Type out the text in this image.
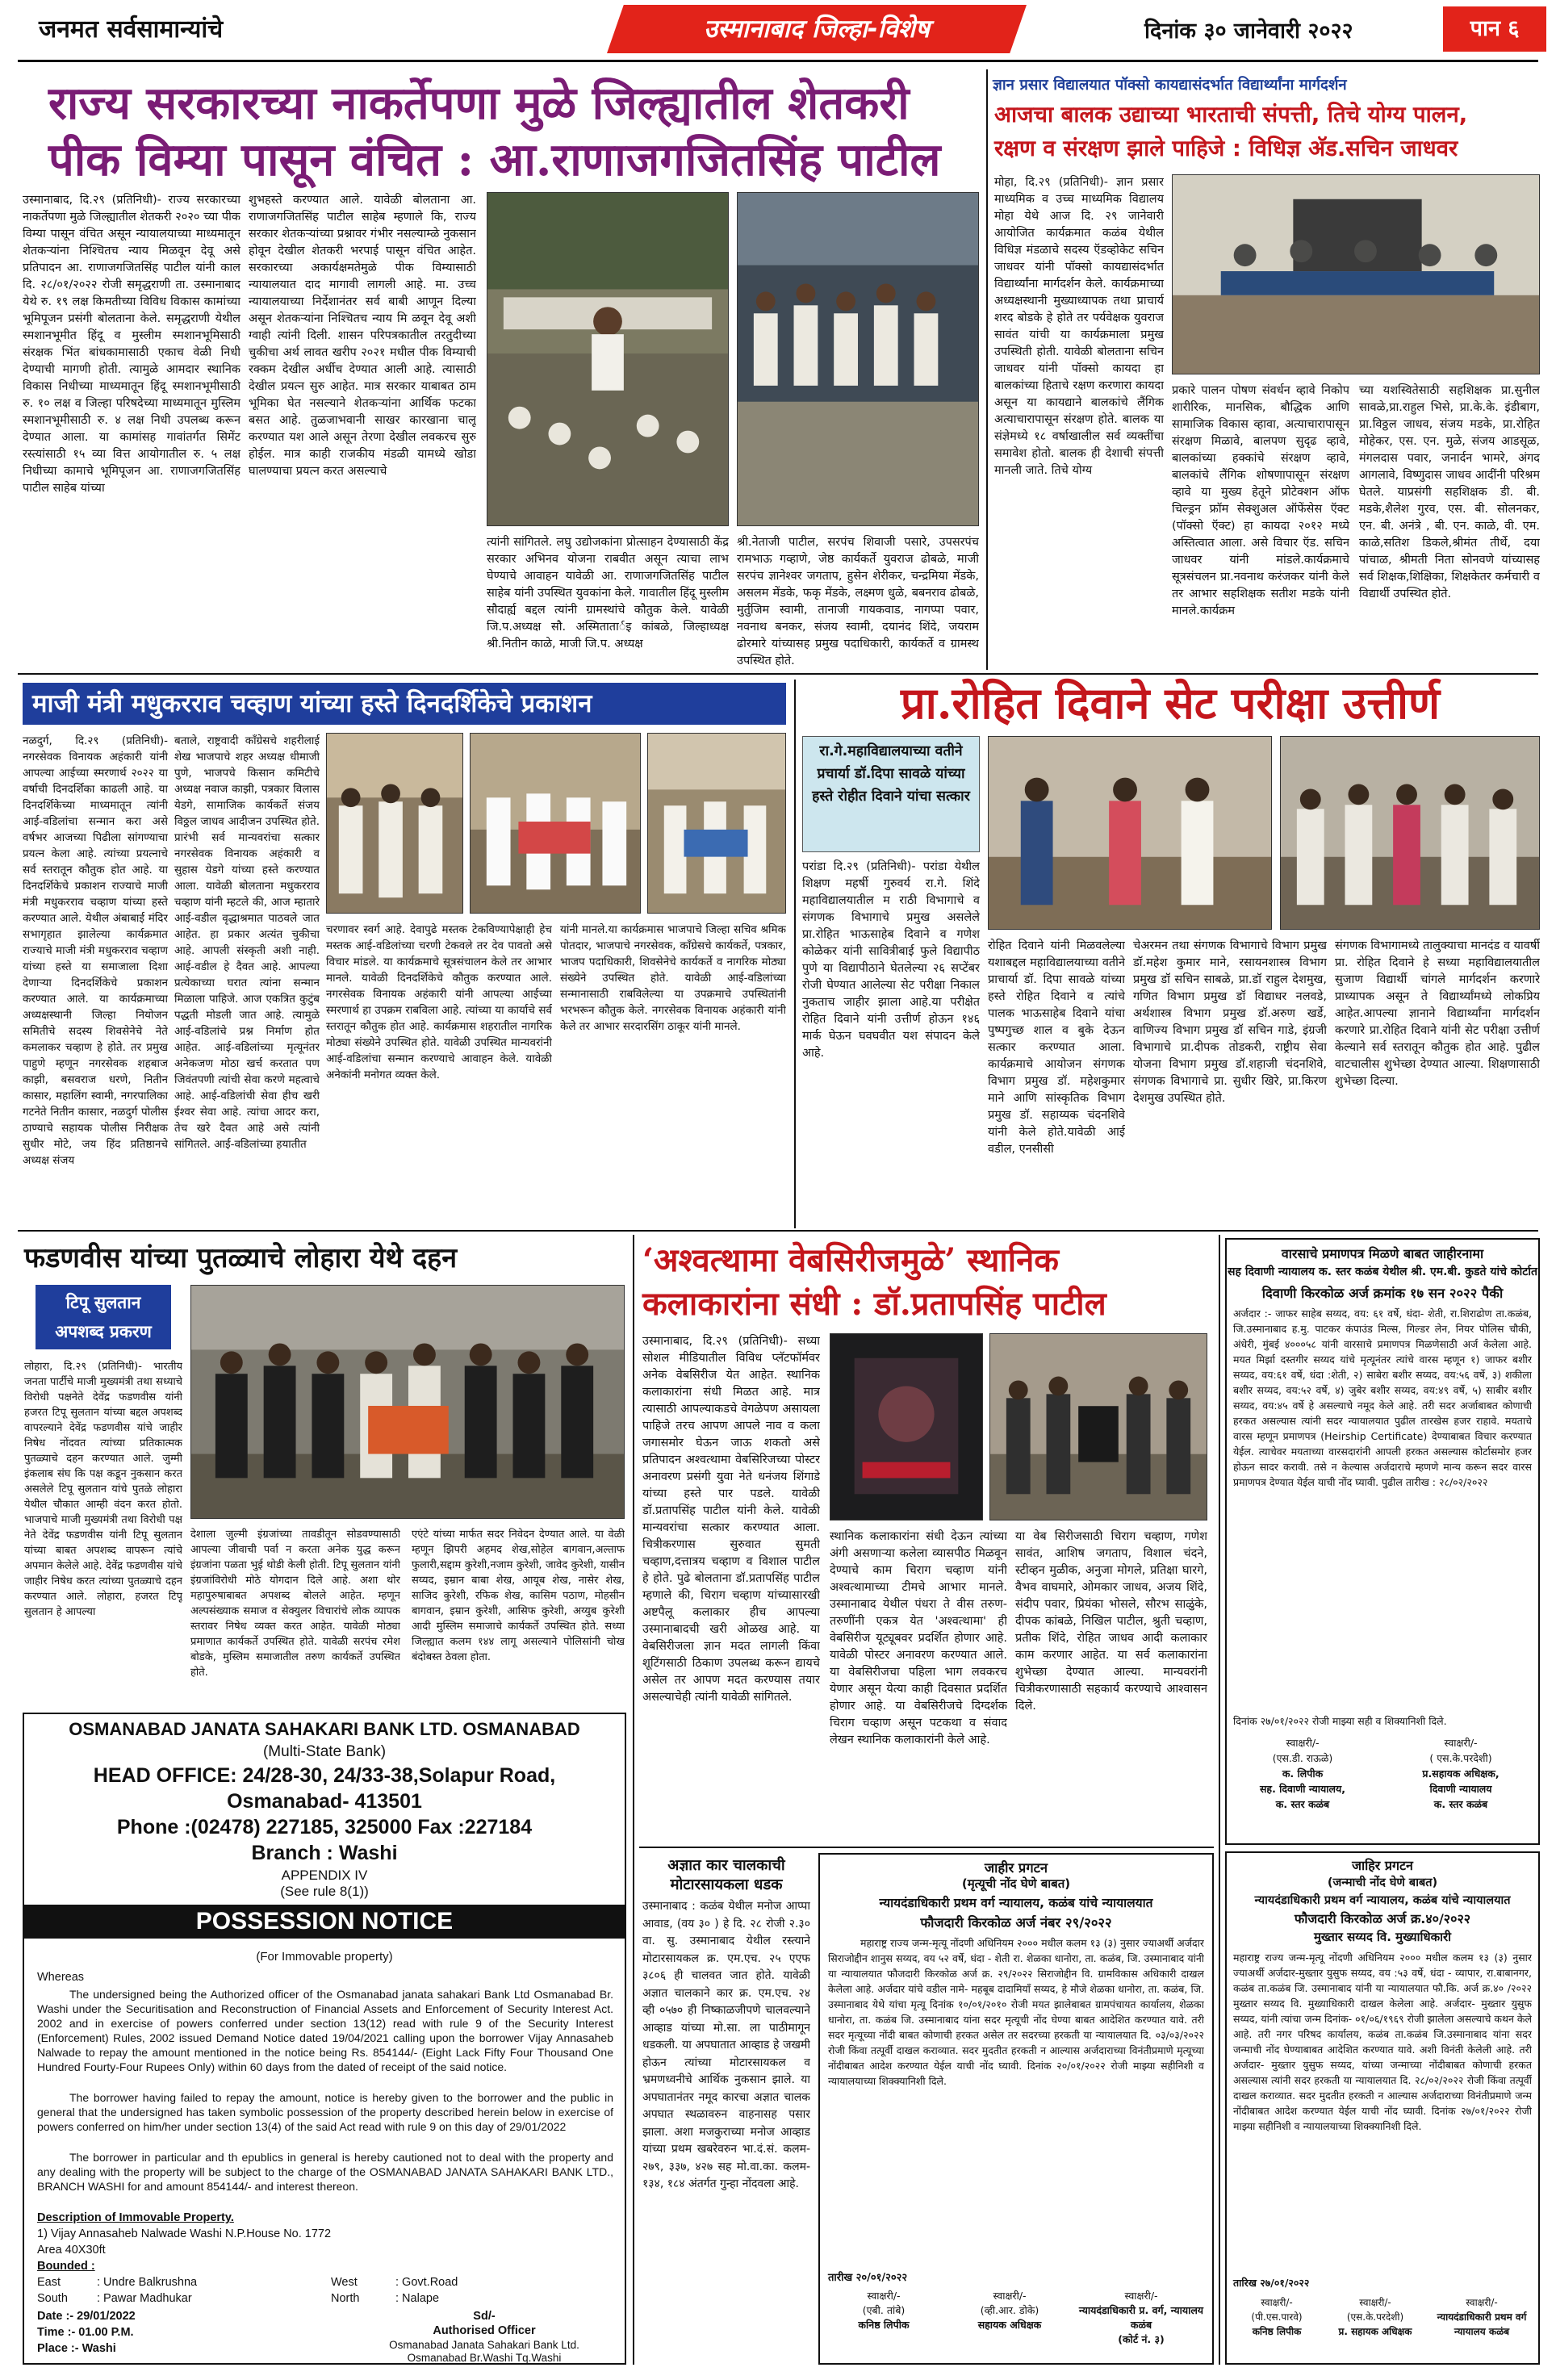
जनमत सर्वसामान्यांचे	उस्मानाबाद जिल्हा-विशेष	दिनांक ३० जानेवारी २०२२	पान ६
राज्य सरकारच्या नाकर्तेपणा मुळे जिल्ह्यातील शेतकरी
पीक विम्या पासून वंचित : आ.राणाजगजितसिंह पाटील
उस्मानाबाद, दि.२९ (प्रतिनिधी)- राज्य सरकारच्या नाकर्तेपणा मुळे जिल्ह्यातील शेतकरी २०२० च्या पीक विम्या पासून वंचित असून न्यायालयाच्या माध्यमातून शेतकऱ्यांना निश्चितच न्याय मिळवून देवू असे प्रतिपादन आ. राणाजगजितसिंह पाटील यांनी काल दि. २८/०१/२०२२ रोजी समृद्धराणी ता. उस्मानाबाद येथे रु. १९ लक्ष किमतीच्या विविध विकास कामांच्या भूमिपूजन प्रसंगी बोलताना केले. समृद्धराणी येथील स्मशानभूमीत हिंदू व मुस्लीम स्मशानभूमिसाठी संरक्षक भिंत बांधकामासाठी एकाच वेळी निधी देण्याची मागणी होती. त्यामुळे आमदार स्थानिक विकास निधीच्या माध्यमातून हिंदू स्मशानभूमीसाठी रु. १० लक्ष व जिल्हा परिषदेच्या माध्यमातून मुस्लिम स्मशानभूमीसाठी रु. ४ लक्ष निधी उपलब्ध करून देण्यात आला. या कामांसह गावांतर्गत सिमेंट रस्त्यांसाठी १५ व्या वित्त आयोगातील रु. ५ लक्ष निधीच्या कामाचे भूमिपूजन आ. राणाजगजितसिंह पाटील साहेब यांच्या
शुभहस्ते करण्यात आले. यावेळी बोलताना आ. राणाजगजितसिंह पाटील साहेब म्हणाले कि, राज्य सरकार शेतकऱ्यांच्या प्रश्नावर गंभीर नसल्याम्ळे नुकसान होवून देखील शेतकरी भरपाई पासून वंचित आहेत. सरकारच्या अकार्यक्षमतेमुळे पीक विम्यासाठी न्यायालयात दाद मागावी लागली आहे. मा. उच्च न्यायालयाच्या निर्देशानंतर सर्व बाबी आणून दिल्या असून शेतकऱ्यांना निश्चितच न्याय मि ळवून देवू अशी ग्वाही त्यांनी दिली. शासन परिपत्रकातील तरतुदीच्या चुकीचा अर्थ लावत खरीप २०२१ मधील पीक विम्याची रक्कम देखील अर्धीच देण्यात आली आहे. त्यासाठी देखील प्रयत्न सुरु आहेत. मात्र सरकार याबाबत ठाम भूमिका घेत नसल्याने शेतकऱ्यांना आर्थिक फटका बसत आहे. तुळजाभवानी साखर कारखाना चालू करण्यात यश आले असून तेरणा देखील लवकरच सुरु होईल. मात्र काही राजकीय मंडळी यामध्ये खोडा घालण्याचा प्रयत्न करत असल्याचे
त्यांनी सांगितले. लघु उद्योजकांना प्रोत्साहन देण्यासाठी केंद्र सरकार अभिनव योजना राबवीत असून त्याचा लाभ घेण्याचे आवाहन यावेळी आ. राणाजगजितसिंह पाटील साहेब यांनी उपस्थित युवकांना केले. गावातील हिंदू मुस्लीम सौदार्ह्य बद्दल त्यांनी ग्रामस्थांचे कौतुक केले. यावेळी जि.प.अध्यक्ष सौ. अस्मितातार्इ कांबळे, जिल्हाध्यक्ष श्री.नितीन काळे, माजी जि.प. अध्यक्ष
श्री.नेताजी पाटील, सरपंच शिवाजी पसारे, उपसरपंच रामभाऊ गव्हाणे, जेष्ठ कार्यकर्ते युवराज ढोबळे, माजी सरपंच ज्ञानेश्वर जगताप, हुसेन शेरीकर, चन्द्रमिया मेंडके, असलम मेंडके, फकृ मेंडके, लक्ष्मण धुळे, बबनराव ढोबळे, मुर्तुजिम स्वामी, तानाजी गायकवाड, नागप्पा पवार, नवनाथ बनकर, संजय स्वामी, दयानंद शिंदे, जयराम ढोरमारे यांच्यासह प्रमुख पदाधिकारी, कार्यकर्ते व ग्रामस्थ उपस्थित होते.
ज्ञान प्रसार विद्यालयात पॉक्सो कायद्यासंदर्भात विद्यार्थ्यांना मार्गदर्शन
आजचा बालक उद्याच्या भारताची संपत्ती, तिचे योग्य पालन,
रक्षण व संरक्षण झाले पाहिजे : विधिज्ञ अ‍ॅड.सचिन जाधवर
मोहा, दि.२९ (प्रतिनिधी)- ज्ञान प्रसार माध्यमिक व उच्च माध्यमिक विद्यालय मोहा येथे आज दि. २९ जानेवारी आयोजित कार्यक्रमात कळंब येथील विधिज्ञ मंडळाचे सदस्य ऍडव्होकेट सचिन जाधवर यांनी पॉक्सो कायद्यासंदर्भात विद्यार्थ्यांना मार्गदर्शन केले. कार्यक्रमाच्या अध्यक्षस्थानी मुख्याध्यापक तथा प्राचार्य शरद बोडके हे होते तर पर्यवेक्षक युवराज सावंत यांची या कार्यक्रमाला प्रमुख उपस्थिती होती. यावेळी बोलताना सचिन जाधवर यांनी पॉक्सो कायदा हा बालकांच्या हिताचे रक्षण करणारा कायदा असून या कायद्याने बालकांचे लैंगिक अत्याचारापासून संरक्षण होते. बालक या संज्ञेमध्ये १८ वर्षाखालील सर्व व्यक्तींचा समावेश होतो. बालक ही देशाची संपत्ती मानली जाते. तिचे योग्य
प्रकारे पालन पोषण संवर्धन व्हावे निकोप शारीरिक, मानसिक, बौद्धिक आणि सामाजिक विकास व्हावा, अत्याचारापासून संरक्षण मिळावे, बालपण सुदृढ व्हावे, बालकांच्या हक्कांचे संरक्षण व्हावे, बालकांचे लैंगिक शोषणापासून संरक्षण व्हावे या मुख्य हेतूने प्रोटेक्शन ऑफ चिल्ड्रन फ्रॉम सेक्शुअल ऑफेंसेस ऍक्ट (पॉक्सो ऍक्ट) हा कायदा २०१२ मध्ये अस्तित्वात आला. असे विचार ऍड. सचिन जाधवर यांनी मांडले.कार्यक्रमाचे सूत्रसंचलन प्रा.नवनाथ करंजकर यांनी केले तर आभार सहशिक्षक सतीश मडके यांनी मानले.कार्यक्रम
च्या यशस्वितेसाठी सहशिक्षक प्रा.सुनील सावळे,प्रा.राहुल भिसे, प्रा.के.के. इंडीबाग, प्रा.विठ्ठल जाधव, संजय मडके, प्रा.रोहित मोहेकर, एस. एन. मुळे, संजय आडसूळ, मंगलदास पवार, जनार्दन भामरे, अंगद आगलावे, विष्णुदास जाधव आदींनी परिश्रम घेतले. याप्रसंगी सहशिक्षक डी. बी. मडके,शैलेश गुरव, एस. बी. सोलनकर, एन. बी. अनंत्रे , बी. एन. काळे, वी. एम. काळे,सतिश डिकले,श्रीमंत तीर्थे, दया पांचाळ, श्रीमती निता सोनवणे यांच्यासह सर्व शिक्षक,शिक्षिका, शिक्षकेतर कर्मचारी व विद्यार्थी उपस्थित होते.
माजी मंत्री मधुकरराव चव्हाण यांच्या हस्ते दिनदर्शिकेचे प्रकाशन
नळदुर्ग, दि.२९ (प्रतिनिधी)- नगरसेवक विनायक अहंकारी यांनी आपल्या आईच्या स्मरणार्थ २०२२ या वर्षाची दिनदर्शिका काढली आहे. या दिनदर्शिकेच्या माध्यमातून त्यांनी आई-वडिलांचा सन्मान करा असे वर्षभर आजच्या पिढीला सांगण्याचा प्रयत्न केला आहे. त्यांच्या प्रयत्नाचे सर्व स्तरातून कौतुक होत आहे. या दिनदर्शिकेचे प्रकाशन राज्याचे माजी मंत्री मधुकरराव चव्हाण यांच्या हस्ते करण्यात आले. येथील अंबाबाई मंदिर सभागृहात झालेल्या कार्यक्रमात राज्याचे माजी मंत्री मधुकरराव चव्हाण यांच्या हस्ते या समाजाला दिशा देणाऱ्या दिनदर्शिकेचे प्रकाशन करण्यात आले. या कार्यक्रमाच्या अध्यक्षस्थानी जिल्हा नियोजन समितीचे सदस्य शिवसेनेचे नेते कमलाकर चव्हाण हे होते. तर प्रमुख पाहुणे म्हणून नगरसेवक शहबाज काझी, बसवराज धरणे, नितीन कासार, महालिंग स्वामी, नगरपालिका गटनेते नितीन कासार, नळदुर्ग पोलीस ठाण्याचे सहायक पोलीस निरीक्षक सुधीर मोटे, जय हिंद प्रतिष्ठानचे अध्यक्ष संजय
बताले, राष्ट्रवादी कॉंग्रेसचे शहरीलाई शेख भाजपाचे शहर अध्यक्ष धीमाजी पुणे, भाजपचे किसान कमिटीचे अध्यक्ष नवाज काझी, पत्रकार विलास येडगे, सामाजिक कार्यकर्ते संजय विठ्ठल जाधव आदीजन उपस्थित होते. प्रारंभी सर्व मान्यवरांचा सत्कार नगरसेवक विनायक अहंकारी व सुहास येडगे यांच्या हस्ते करण्यात आला. यावेळी बोलताना मधुकरराव चव्हाण यांनी म्हटले की, आज म्हातारे आई-वडील वृद्धाश्रमात पाठवले जात आहेत. हा प्रकार अत्यंत चुकीचा आहे. आपली संस्कृती अशी नाही. आई-वडील हे दैवत आहे. आपल्या प्रत्येकाच्या घरात त्यांना सन्मान मिळाला पाहिजे. आज एकत्रित कुटुंब पद्धती मोडली जात आहे. त्यामुळे आई-वडिलांचे प्रश्न निर्माण होत आहेत. आई-वडिलांच्या मृत्यूनंतर अनेकजण मोठा खर्च करतात पण जिवंतपणी त्यांची सेवा करणे महत्वाचे आहे. आई-वडिलांची सेवा हीच खरी ईश्वर सेवा आहे. त्यांचा आदर करा, तेच खरे दैवत आहे असे त्यांनी सांगितले. आई-वडिलांच्या हयातीत
चरणावर स्वर्ग आहे. देवापुढे मस्तक टेकविण्यापेक्षाही हेच मस्तक आई-वडिलांच्या चरणी टेकवले तर देव पावतो असे विचार मांडले. या कार्यक्रमाचे सूत्रसंचालन केले तर आभार मानले. यावेळी दिनदर्शिकेचे कौतुक करण्यात आले. नगरसेवक विनायक अहंकारी यांनी आपल्या आईच्या स्मरणार्थ हा उपक्रम राबविला आहे. त्यांच्या या कार्याचे सर्व स्तरातून कौतुक होत आहे. कार्यक्रमास शहरातील नागरिक मोठ्या संख्येने उपस्थित होते. यावेळी उपस्थित मान्यवरांनी आई-वडिलांचा सन्मान करण्याचे आवाहन केले. यावेळी अनेकांनी मनोगत व्यक्त केले.
यांनी मानले.या कार्यक्रमास भाजपाचे जिल्हा सचिव श्रमिक पोतदार, भाजपाचे नगरसेवक, कॉंग्रेसचे कार्यकर्ते, पत्रकार, भाजप पदाधिकारी, शिवसेनेचे कार्यकर्ते व नागरिक मोठ्या संख्येने उपस्थित होते. यावेळी आई-वडिलांच्या सन्मानासाठी राबविलेल्या या उपक्रमाचे उपस्थितांनी भरभरून कौतुक केले. नगरसेवक विनायक अहंकारी यांनी केले तर आभार सरदारसिंग ठाकूर यांनी मानले.
प्रा.रोहित दिवाने सेट परीक्षा उत्तीर्ण
रा.गे.महाविद्यालयाच्या वतीने प्रचार्या डॉ.दिपा सावळे यांच्या हस्ते रोहीत दिवाने यांचा सत्कार
परांडा दि.२९ (प्रतिनिधी)- परांडा येथील शिक्षण महर्षी गुरुवर्य रा.गे. शिंदे महाविद्यालयातील म राठी विभागाचे व संगणक विभागाचे प्रमुख असलेले प्रा.रोहित भाऊसाहेब दिवाने व गणेश कोळेकर यांनी सावित्रीबाई फुले विद्यापीठ पुणे या विद्यापीठाने घेतलेल्या २६ सप्टेंबर रोजी घेण्यात आलेल्या सेट परीक्षा निकाल नुकताच जाहीर झाला आहे.या परीक्षेत रोहित दिवाने यांनी उत्तीर्ण होऊन १४६ मार्क घेऊन घवघवीत यश संपादन केले आहे.
रोहित दिवाने यांनी मिळवलेल्या यशाबद्दल महाविद्यालयाच्या वतीने प्राचार्या डॉ. दिपा सावळे यांच्या हस्ते रोहित दिवाने व त्यांचे पालक भाऊसाहेब दिवाने यांचा पुष्पगुच्छ शाल व बुके देऊन सत्कार करण्यात आला. कार्यक्रमाचे आयोजन संगणक विभाग प्रमुख डॉ. महेशकुमार माने आणि सांस्कृतिक विभाग प्रमुख डॉ. सहाय्यक चंदनशिवे यांनी केले होते.यावेळी आई वडील, एनसीसी
चेअरमन तथा संगणक विभागाचे विभाग प्रमुख डॉ.महेश कुमार माने, रसायनशास्त्र विभाग प्रमुख डॉ सचिन साबळे, प्रा.डॉ राहुल देशमुख, गणित विभाग प्रमुख डॉ विद्याधर नलवडे, अर्थशास्त्र विभाग प्रमुख डॉ.अरुण खर्डे, वाणिज्य विभाग प्रमुख डॉ सचिन गाडे, इंग्रजी विभागाचे प्रा.दीपक तोडकरी, राष्ट्रीय सेवा योजना विभाग प्रमुख डॉ.शहाजी चंदनशिवे, संगणक विभागाचे प्रा. सुधीर खिरे, प्रा.किरण देशमुख उपस्थित होते.
संगणक विभागामध्ये तालुक्याचा मानदंड व यावर्षी प्रा. रोहित दिवाने हे सध्या महाविद्यालयातील सुजाण विद्यार्थी चांगले मार्गदर्शन करणारे प्राध्यापक असून ते विद्यार्थ्यांमध्ये लोकप्रिय आहेत.आपल्या ज्ञानाने विद्यार्थ्यांना मार्गदर्शन करणारे प्रा.रोहित दिवाने यांनी सेट परीक्षा उत्तीर्ण केल्याने सर्व स्तरातून कौतुक होत आहे. पुढील वाटचालीस शुभेच्छा देण्यात आल्या. शिक्षणासाठी शुभेच्छा दिल्या.
फडणवीस यांच्या पुतळ्याचे लोहारा येथे दहन
टिपू सुलतान
अपशब्द प्रकरण
लोहारा, दि.२९ (प्रतिनिधी)- भारतीय जनता पार्टीचे माजी मुख्यमंत्री तथा सध्याचे विरोधी पक्षनेते देवेंद्र फडणवीस यांनी हजरत टिपू सुलतान यांच्या बद्दल अपशब्द वापरल्याने देवेंद्र फडणवीस यांचे जाहीर निषेध नोंदवत त्यांच्या प्रतिकात्मक पुतळ्याचे दहन करण्यात आले. जुम्मी इंकलाब संघ कि पक्ष कडून नुकसान करत असलेले टिपू सुलतान यांचे पुतळे लोहारा येथील चौकात आम्ही वंदन करत होतो. भाजपाचे माजी मुख्यमंत्री तथा विरोधी पक्ष नेते देवेंद्र फडणवीस यांनी टिपू सुलतान यांच्या बाबत अपशब्द वापरून त्यांचे अपमान केलेले आहे. देवेंद्र फडणवीस यांचे जाहीर निषेध करत त्यांच्या पुतळ्याचे दहन करण्यात आले. लोहारा, हजरत टिपू सुलतान हे आपल्या
देशाला जुल्मी इंग्रजांच्या तावडीतून सोडवण्यासाठी आपल्या जीवाची पर्वा न करता अनेक युद्ध करून इंग्रजांना पळता भुई थोडी केली होती. टिपू सुलतान यांनी इंग्रजांविरोधी मोठे योगदान दिले आहे. अशा थोर महापुरुषाबाबत अपशब्द बोलले आहेत. म्हणून अल्पसंख्याक समाज व सेक्युलर विचारांचे लोक व्यापक स्तरावर निषेध व्यक्त करत आहेत. यावेळी मोठ्या प्रमाणात कार्यकर्ते उपस्थित होते. यावेळी सरपंच रमेश बोडके, मुस्लिम समाजातील तरुण कार्यकर्ते उपस्थित होते.
एएंटे यांच्या मार्फत सदर निवेदन देण्यात आले. या वेळी म्हणून झिपरी अहमद शेख,सोहेल बागवान,अल्ताफ फुलारी,सद्दाम कुरेशी,नजाम कुरेशी, जावेद कुरेशी, यासीन सय्यद, इम्रान बाबा शेख, आयूब शेख, नासेर शेख, साजिद कुरेशी, रफिक शेख, कासिम पठाण, मोहसीन बागवान, इम्रान कुरेशी, आसिफ कुरेशी, अय्युब कुरेशी आदी मुस्लिम समाजाचे कार्यकर्ते उपस्थित होते. सध्या जिल्ह्यात कलम १४४ लागू असल्याने पोलिसांनी चोख बंदोबस्त ठेवला होता.
OSMANABAD JANATA SAHAKARI BANK LTD. OSMANABAD
(Multi-State Bank)
HEAD OFFICE: 24/28-30, 24/33-38,Solapur Road,
Osmanabad- 413501
Phone :(02478) 227185, 325000 Fax :227184
Branch : Washi
APPENDIX IV
(See rule 8(1))
POSSESSION NOTICE
(For Immovable property)
Whereas
The undersigned being the Authorized officer of the Osmanabad janata sahakari Bank Ltd Osmanabad Br. Washi under the Securitisation and Reconstruction of Financial Assets and Enforcement of Security Interest Act. 2002 and in exercise of powers conferred under section 13(12) read with rule 9 of the Security Interest (Enforcement) Rules, 2002 issued Demand Notice dated 19/04/2021 calling upon the borrower Vijay Annasaheb Nalwade to repay the amount mentioned in the notice being Rs. 854144/- (Eight Lack Fifty Four Thousand One Hundred Fourty-Four Rupees Only) within 60 days from the dated of receipt of the said notice.
The borrower having failed to repay the amount, notice is hereby given to the borrower and the public in general that the undersigned has taken symbolic possession of the property described herein below in exercise of powers conferred on him/her under section 13(4) of the said Act read with rule 9 on this day of 29/01/2022
The borrower in particular and th epublics in general is hereby cautioned not to deal with the property and any dealing with the property will be subject to the charge of the OSMANABAD JANATA SAHAKARI BANK LTD., BRANCH WASHI for and amount 854144/- and interest thereon.
Description of Immovable Property.
1) Vijay Annasaheb Nalwade Washi N.P.House No. 1772
Area 40X30ft
Bounded :
East	: Undre Balkrushna	West	: Govt.Road
South : Pawar Madhukar	North	: Nalape
Date :- 29/01/2022
Time :- 01.00 P.M.
Place :- Washi
Sd/-
Authorised Officer
Osmanabad Janata Sahakari Bank Ltd.
Osmanabad Br.Washi Tq.Washi
‘अश्वत्थामा वेबसिरीजमुळे’ स्थानिक
कलाकारांना संधी : डॉ.प्रतापसिंह पाटील
उस्मानाबाद, दि.२९ (प्रतिनिधी)- सध्या सोशल मीडियातील विविध प्लॅटफॉर्मवर अनेक वेबसिरीज येत आहेत. स्थानिक कलाकारांना संधी मिळत आहे. मात्र त्यासाठी आपल्याकडचे वेगळेपण असायला पाहिजे तरच आपण आपले नाव व कला जगासमोर घेऊन जाऊ शकतो असे प्रतिपादन अश्वत्थामा वेबसिरिजच्या पोस्टर अनावरण प्रसंगी युवा नेते धनंजय शिंगाडे यांच्या हस्ते पार पडले. यावेळी डॉ.प्रतापसिंह पाटील यांनी केले. यावेळी मान्यवरांचा सत्कार करण्यात आला. चित्रीकरणास सुरुवात सुमती चव्हाण,दत्तात्रय चव्हाण व विशाल पाटील हे होते. पुढे बोलताना डॉ.प्रतापसिंह पाटील म्हणाले की, चिराग चव्हाण यांच्यासारखी अष्टपैलू कलाकार हीच आपल्या उस्मानाबादची खरी ओळख आहे. या वेबसिरीजला ज्ञान मदत लागली किंवा शूटिंगसाठी ठिकाण उपलब्ध करून द्यायचे असेल तर आपण मदत करण्यास तयार असल्याचेही त्यांनी यावेळी सांगितले.
स्थानिक कलाकारांना संधी देऊन त्यांच्या अंगी असणाऱ्या कलेला व्यासपीठ मिळवून देण्याचे काम चिराग चव्हाण यांनी अश्वत्थामाच्या टीमचे आभार मानले. उस्मानाबाद येथील पंधरा ते वीस तरुण-तरुणींनी एकत्र येत 'अश्वत्थामा' ही वेबसिरीज यूट्यूबवर प्रदर्शित होणार आहे. यावेळी पोस्टर अनावरण करण्यात आले. या वेबसिरीजचा पहिला भाग लवकरच येणार असून येत्या काही दिवसात प्रदर्शित होणार आहे. या वेबसिरीजचे दिग्दर्शक चिराग चव्हाण असून पटकथा व संवाद लेखन स्थानिक कलाकारांनी केले आहे.
या वेब सिरीजसाठी चिराग चव्हाण, गणेश सावंत, आशिष जगताप, विशाल चंदने, स्टीव्हन मुळीक, अनुजा मोगले, प्रतिक्षा घारगे, वैभव वाघमारे, ओमकार जाधव, अजय शिंदे, संदीप पवार, प्रियंका भोसले, सौरभ साळुंके, दीपक कांबळे, निखिल पाटील, श्रुती चव्हाण, प्रतीक शिंदे, रोहित जाधव आदी कलाकार काम करणार आहेत. या सर्व कलाकारांना शुभेच्छा देण्यात आल्या. मान्यवरांनी चित्रीकरणासाठी सहकार्य करण्याचे आश्वासन दिले.
अज्ञात कार चालकाची
मोटारसायकला धडक
उस्मानाबाद : कळंब येथील मनोज आप्पा आवाड, (वय ३० ) हे दि. २८ रोजी २.३० वा. सु. उस्मानाबाद येथील रस्त्याने मोटारसायकल क्र. एम.एच. २५ एएफ ३८०६ ही चालवत जात होते. यावेळी अज्ञात चालकाने कार क्र. एम.एच. २४ व्ही ०५७० ही निष्काळजीपणे चालवल्याने आव्हाड यांच्या मो.सा. ला पाठीमागून धडकली. या अपघातात आव्हाड हे जखमी होऊन त्यांच्या मोटारसायकल व भ्रमणध्वनीचे आर्थिक नुकसान झाले. या अपघातानंतर नमूद कारचा अज्ञात चालक अपघात स्थळावरुन वाहनासह पसार झाला. अशा मजकुराच्या मनोज आव्हाड यांच्या प्रथम खबरेवरुन भा.दं.सं. कलम- २७९, ३३७, ४२७ सह मो.वा.का. कलम- १३४, १८४ अंतर्गत गुन्हा नोंदवला आहे.
जाहीर प्रगटन
(मृत्यूची नोंद घेणे बाबत)
न्यायदंडाधिकारी प्रथम वर्ग न्यायालय, कळंब यांचे न्यायालयात
फौजदारी किरकोळ अर्ज नंबर २९/२०२२
महाराष्ट्र राज्य जन्म-मृत्यू नोंदणी अधिनियम २००० मधील कलम १३ (३) नुसार ज्याअर्थी अर्जदार सिराजोद्दीन शानुस सय्यद, वय ५२ वर्षे, धंदा - शेती रा. शेळका धानोरा, ता. कळंब, जि. उस्मानाबाद यांनी या न्यायालयात फौजदारी किरकोळ अर्ज क्र. २९/२०२२ सिराजोद्दीन वि. ग्रामविकास अधिकारी दाखल केलेला आहे. अर्जदार यांचे वडील नामे- महबूब दादामियाँ सय्यद, हे मौजे शेळका धानोरा, ता. कळंब, जि. उस्मानाबाद येथे यांचा मृत्यू दिनांक १०/०१/२०१० रोजी मयत झालेबाबत ग्रामपंचायत कार्यालय, शेळका धानोरा, ता. कळंब जि. उस्मानाबाद यांना सदर मृत्यूची नोंद घेण्या बाबत आदेशित करण्यात यावे. तरी सदर मृत्यूच्या नोंदी बाबत कोणाची हरकत असेल तर सदरच्या हरकती या न्यायालयात दि. ०३/०३/२०२२ रोजी किंवा तत्पूर्वी दाखल कराव्यात. सदर मुदतीत हरकती न आल्यास अर्जदाराच्या विनंतीप्रमाणे मृत्यूच्या नोंदीबाबत आदेश करण्यात येईल याची नोंद घ्यावी. दिनांक २०/०१/२०२२ रोजी माझ्या सहीनिशी व न्यायालयाच्या शिक्क्यानिशी दिले.
तारीख २०/०१/२०२२
स्वाक्षरी/-
(एबी. तांबे)
कनिष्ठ लिपीक
स्वाक्षरी/-
(व्ही.आर. डोके)
सहायक अधिक्षक
स्वाक्षरी/-
न्यायदंडाधिकारी प्र. वर्ग, न्यायालय कळंब
(कोर्ट नं. ३)
वारसाचे प्रमाणपत्र मिळणे बाबत जाहीरनामा
सह दिवाणी न्यायालय क. स्तर कळंब येथील श्री. एम.बी. कुडते यांचे कोर्टात
दिवाणी किरकोळ अर्ज क्रमांक १७ सन २०२२ पैकी
अर्जदार :- जाफर साहेब सय्यद, वय: ६१ वर्षे, धंदा- शेती, रा.शिराढोण ता.कळंब, जि.उस्मानाबाद ह.मु. पाटकर कंपाउंड मिल्स, गिल्डर लेन, नियर पोलिस चौकी, अंधेरी, मुंबई ४०००५८ यांनी वारसाचे प्रमाणपत्र मिळणेसाठी अर्ज केलेला आहे. मयत मिर्झा दस्तगीर सय्यद यांचे मृत्यूनंतर त्यांचे वारस म्हणून १) जाफर बशीर सय्यद, वय:६१ वर्षे, धंदा :शेती, २) साबेरा बशीर सय्यद, वय:५६ वर्षे, ३) शकीला बशीर सय्यद, वय:५२ वर्षे, ४) जुबेर बशीर सय्यद, वय:४९ वर्षे, ५) साबीर बशीर सय्यद, वय:४५ वर्षे हे असल्याचे नमूद केले आहे. तरी सदर अर्जाबाबत कोणाची हरकत असल्यास त्यांनी सदर न्यायालयात पुढील तारखेस हजर राहावे. मयताचे वारस म्हणून प्रमाणपत्र (Heirship Certificate) देण्याबाबत विचार करण्यात येईल. त्याचेवर मयताच्या वारसदारांनी आपली हरकत असल्यास कोर्टासमोर हजर होऊन सादर करावी. तसे न केल्यास अर्जदाराचे म्हणणे मान्य करून सदर वारस प्रमाणपत्र देण्यात येईल याची नोंद घ्यावी. पुढील तारीख : २८/०२/२०२२
दिनांक २७/०१/२०२२ रोजी माझ्या सही व शिक्यानिशी दिले.
स्वाक्षरी/-
(एस.डी. राऊळे)
क. लिपीक
सह. दिवाणी न्यायालय,
क. स्तर कळंब
स्वाक्षरी/-
( एस.के.परदेशी)
प्र.सहायक अधिक्षक,
दिवाणी न्यायालय
क. स्तर कळंब
जाहिर प्रगटन
(जन्माची नोंद घेणे बाबत)
न्यायदंडाधिकारी प्रथम वर्ग न्यायालय, कळंब यांचे न्यायालयात
फौजदारी किरकोळ अर्ज क्र.४०/२०२२
मुख्तार सय्यद वि. मुख्याधिकारी
महाराष्ट्र राज्य जन्म-मृत्यू नोंदणी अधिनियम २००० मधील कलम १३ (३) नुसार ज्याअर्थी अर्जदार-मुख्तार युसुफ सय्यद, वय :५३ वर्षे, धंदा - व्यापार, रा.बाबानगर, कळंब ता.कळंब जि. उस्मानाबाद यांनी या न्यायालयात फौ.कि. अर्ज क्र.४० /२०२२ मुख्तार सय्यद वि. मुख्याधिकारी दाखल केलेला आहे. अर्जदार- मुख्तार युसुफ सय्यद, यांनी त्यांचा जन्म दिनांक- ०१/०६/१९६९ रोजी झालेला असल्याचे कथन केले आहे. तरी नगर परिषद कार्यालय, कळंब ता.कळंब जि.उस्मानाबाद यांना सदर जन्माची नोंद घेण्याबाबत आदेशित करण्यात यावे. अशी विनंती केलेली आहे. तरी अर्जदार- मुख्तार युसुफ सय्यद, यांच्या जन्माच्या नोंदीबाबत कोणाची हरकत असल्यास त्यांनी सदर हरकती या न्यायालयात दि. २८/०२/२०२२ रोजी किंवा तत्पूर्वी दाखल कराव्यात. सदर मुदतीत हरकती न आल्यास अर्जदाराच्या विनंतीप्रमाणे जन्म नोंदीबाबत आदेश करण्यात येईल याची नोंद घ्यावी. दिनांक २७/०१/२०२२ रोजी माझ्या सहीनिशी व न्यायालयाच्या शिक्क्यानिशी दिले.
तारिख २७/०१/२०२२
स्वाक्षरी/-
(पी.एस.पारवे)
कनिष्ठ लिपीक
स्वाक्षरी/-
(एस.के.परदेशी)
प्र. सहायक अधिक्षक
स्वाक्षरी/-
न्यायदंडाधिकारी प्रथम वर्ग न्यायालय कळंब
